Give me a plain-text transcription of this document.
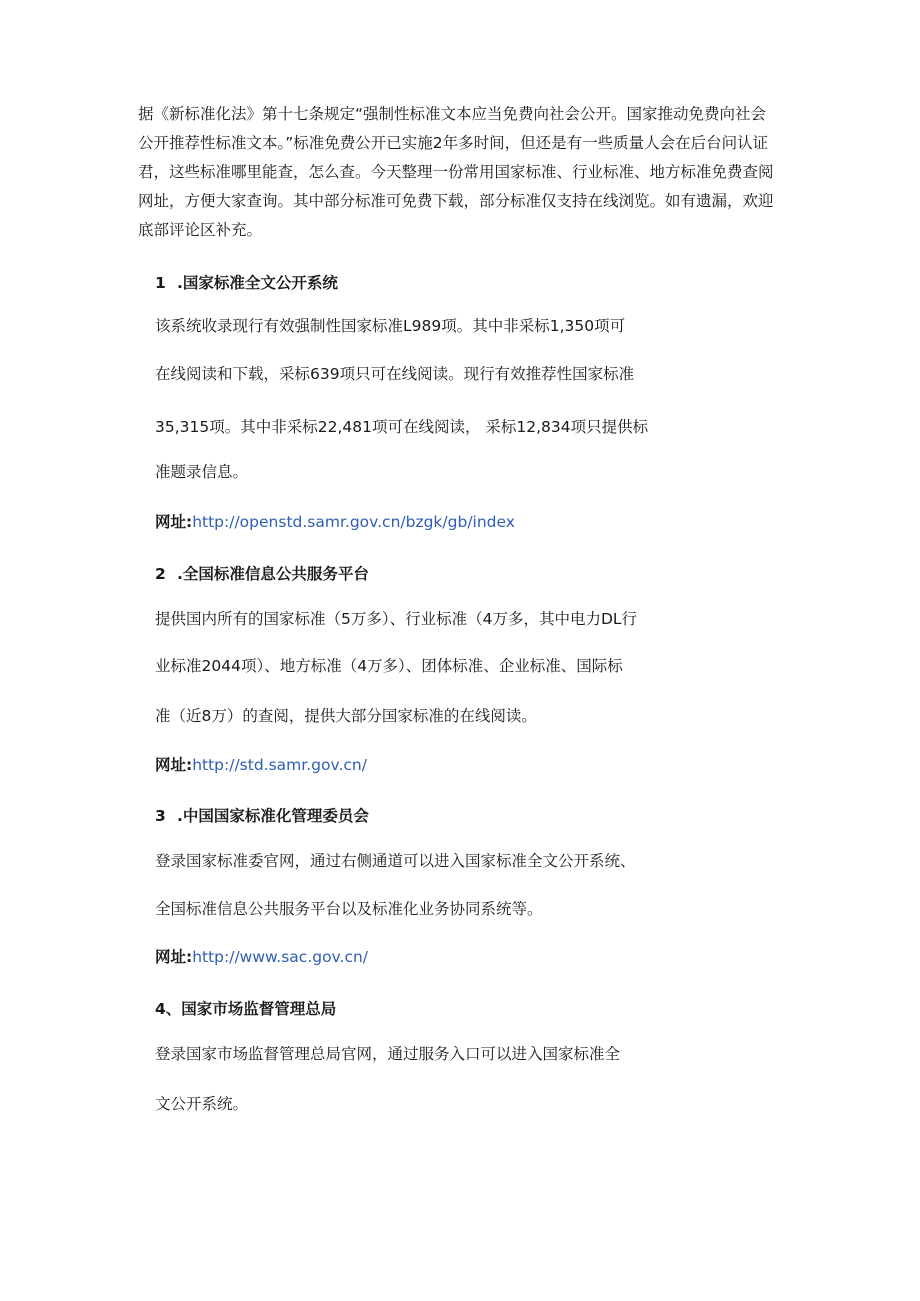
据《新标准化法》第十七条规定“强制性标准文本应当免费向社会公开。国家推动免费向社会公开推荐性标准文本。”标准免费公开已实施2年多时间，但还是有一些质量人会在后台问认证君，这些标准哪里能查，怎么查。今天整理一份常用国家标准、行业标准、地方标准免费查阅网址，方便大家查询。其中部分标准可免费下载，部分标准仅支持在线浏览。如有遗漏，欢迎底部评论区补充。

1 .国家标准全文公开系统

该系统收录现行有效强制性国家标准L989项。其中非采标1,350项可

在线阅读和下载，采标639项只可在线阅读。现行有效推荐性国家标准

35,315项。其中非采标22,481项可在线阅读， 采标12,834项只提供标

准题录信息。

网址:http://openstd.samr.gov.cn/bzgk/gb/index
2 .全国标准信息公共服务平台

提供国内所有的国家标准（5万多）、行业标准（4万多，其中电力DL行

业标准2044项）、地方标准（4万多）、团体标准、企业标准、国际标

准（近8万）的查阅，提供大部分国家标准的在线阅读。

网址:http://std.samr.gov.cn/
3 .中国国家标准化管理委员会

登录国家标准委官网，通过右侧通道可以进入国家标准全文公开系统、

全国标准信息公共服务平台以及标准化业务协同系统等。

网址:http://www.sac.gov.cn/
4、国家市场监督管理总局

登录国家市场监督管理总局官网，通过服务入口可以进入国家标准全

文公开系统。
